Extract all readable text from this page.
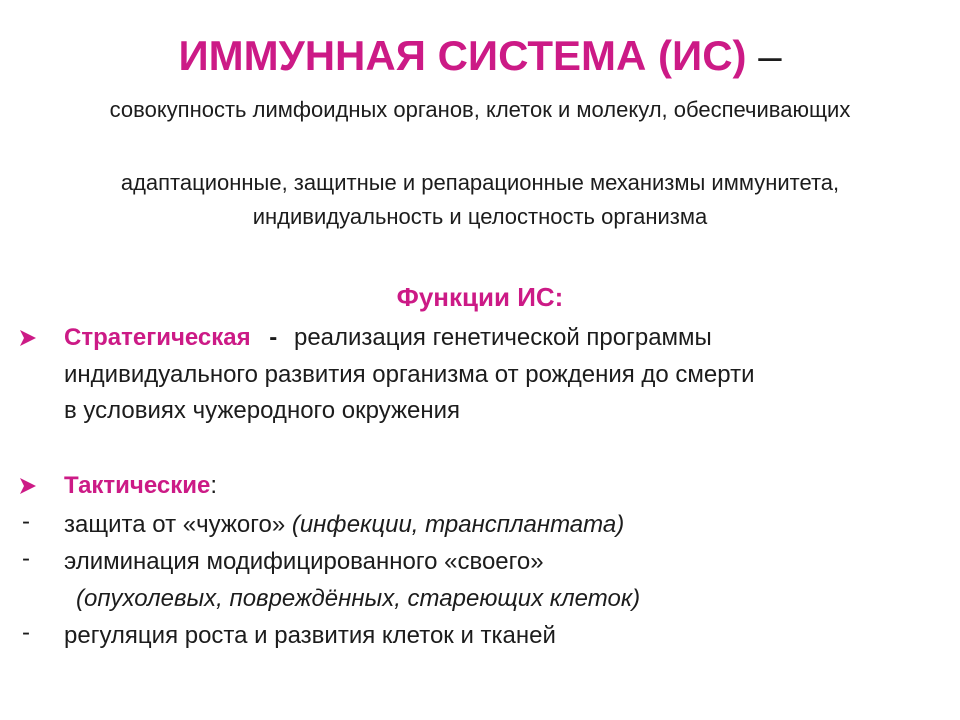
ИММУННАЯ СИСТЕМА (ИС) –
совокупность лимфоидных органов, клеток и молекул, обеспечивающих
адаптационные, защитные и репарационные механизмы иммунитета,
индивидуальность и целостность организма
Функции ИС:
Стратегическая - реализация генетической программы
индивидуального развития организма от рождения до смерти
в условиях чужеродного окружения
Тактические:
- защита от «чужого» (инфекции, трансплантата)
- элиминация модифицированного «своего»
(опухолевых, повреждённых, стареющих клеток)
- регуляция роста и развития клеток и тканей
